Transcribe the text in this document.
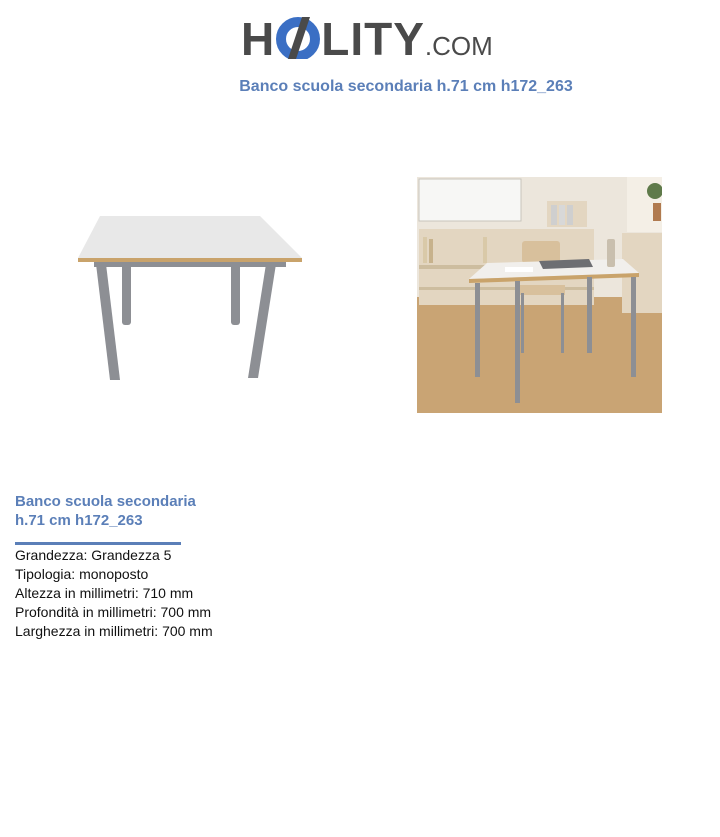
H LITY.COM
Banco scuola secondaria h.71 cm h172_263
Banco scuola secondaria
h.71 cm h172_263
Grandezza: Grandezza 5
Tipologia: monoposto
Altezza in millimetri: 710 mm
Profondità in millimetri: 700 mm
Larghezza in millimetri: 700 mm
